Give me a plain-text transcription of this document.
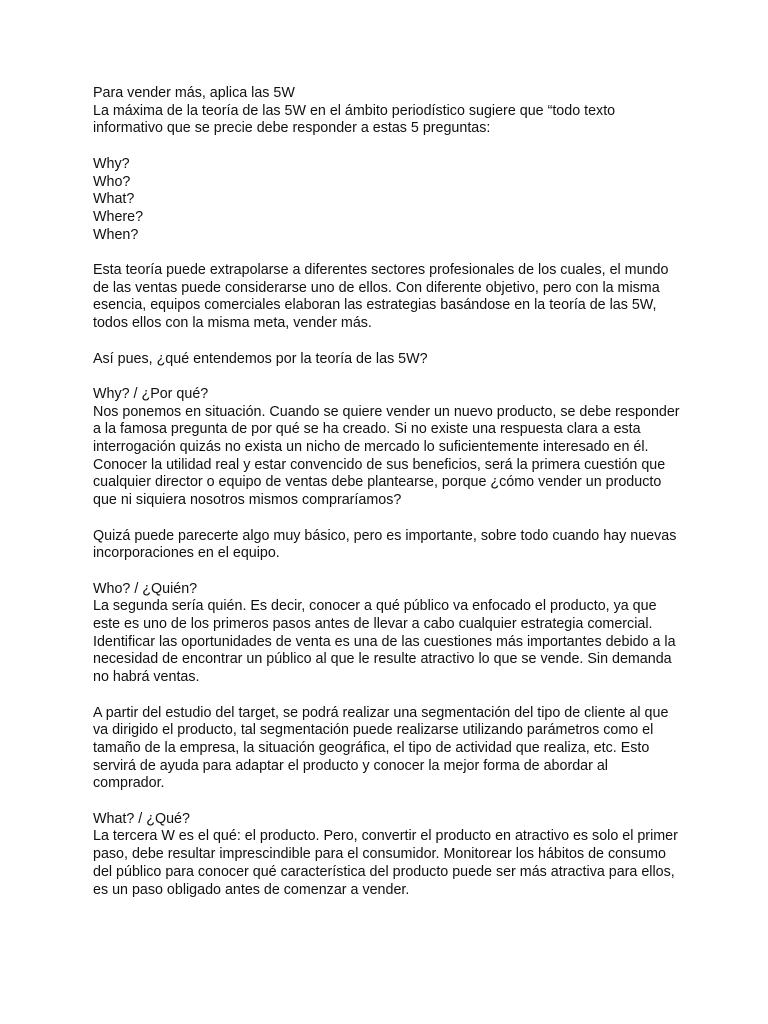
Para vender más, aplica las 5W

La máxima de la teoría de las 5W en el ámbito periodístico sugiere que “todo texto

informativo que se precie debe responder a estas 5 preguntas:

Why?

Who?

What?

Where?

When?

Esta teoría puede extrapolarse a diferentes sectores profesionales de los cuales, el mundo

de las ventas puede considerarse uno de ellos. Con diferente objetivo, pero con la misma

esencia, equipos comerciales elaboran las estrategias basándose en la teoría de las 5W,

todos ellos con la misma meta, vender más.

Así pues, ¿qué entendemos por la teoría de las 5W?

Why? / ¿Por qué?

Nos ponemos en situación. Cuando se quiere vender un nuevo producto, se debe responder

a la famosa pregunta de por qué se ha creado. Si no existe una respuesta clara a esta

interrogación quizás no exista un nicho de mercado lo suficientemente interesado en él.

Conocer la utilidad real y estar convencido de sus beneficios, será la primera cuestión que

cualquier director o equipo de ventas debe plantearse, porque ¿cómo vender un producto

que ni siquiera nosotros mismos compraríamos?

Quizá puede parecerte algo muy básico, pero es importante, sobre todo cuando hay nuevas

incorporaciones en el equipo.

Who? / ¿Quién?

La segunda sería quién. Es decir, conocer a qué público va enfocado el producto, ya que

este es uno de los primeros pasos antes de llevar a cabo cualquier estrategia comercial.

Identificar las oportunidades de venta es una de las cuestiones más importantes debido a la

necesidad de encontrar un público al que le resulte atractivo lo que se vende. Sin demanda

no habrá ventas.

A partir del estudio del target, se podrá realizar una segmentación del tipo de cliente al que

va dirigido el producto, tal segmentación puede realizarse utilizando parámetros como el

tamaño de la empresa, la situación geográfica, el tipo de actividad que realiza, etc. Esto

servirá de ayuda para adaptar el producto y conocer la mejor forma de abordar al

comprador.

What? / ¿Qué?

La tercera W es el qué: el producto. Pero, convertir el producto en atractivo es solo el primer

paso, debe resultar imprescindible para el consumidor. Monitorear los hábitos de consumo

del público para conocer qué característica del producto puede ser más atractiva para ellos,

es un paso obligado antes de comenzar a vender.
